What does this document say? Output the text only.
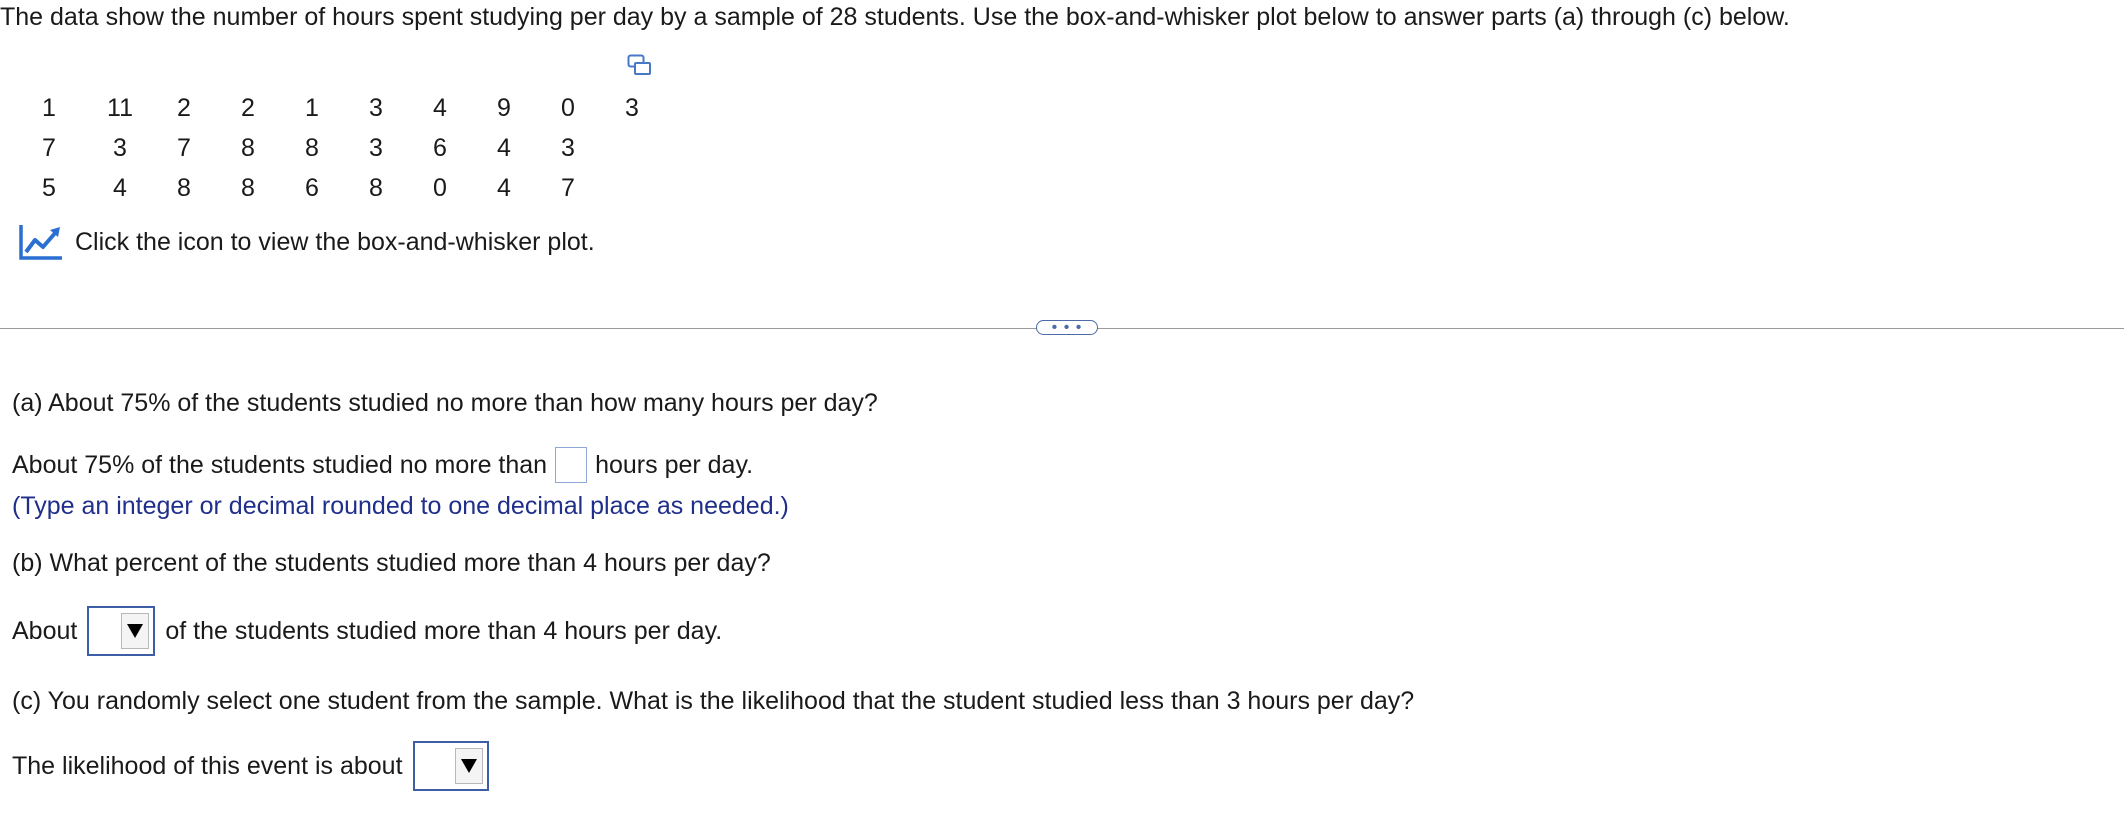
The data show the number of hours spent studying per day by a sample of 28 students. Use the box-and-whisker plot below to answer parts (a) through (c) below.

1	11	2	2	1	3	4	9	0	3
7	3	7	8	8	3	6	4	3	
5	4	8	8	6	8	0	4	7	
Click the icon to view the box-and-whisker plot.
• • •

(a) About 75% of the students studied no more than how many hours per day?

About 75% of the students studied no more than hours per day.

(Type an integer or decimal rounded to one decimal place as needed.)

(b) What percent of the students studied more than 4 hours per day?

About	of the students studied more than 4 hours per day.

(c) You randomly select one student from the sample. What is the likelihood that the student studied less than 3 hours per day?

The likelihood of this event is about
